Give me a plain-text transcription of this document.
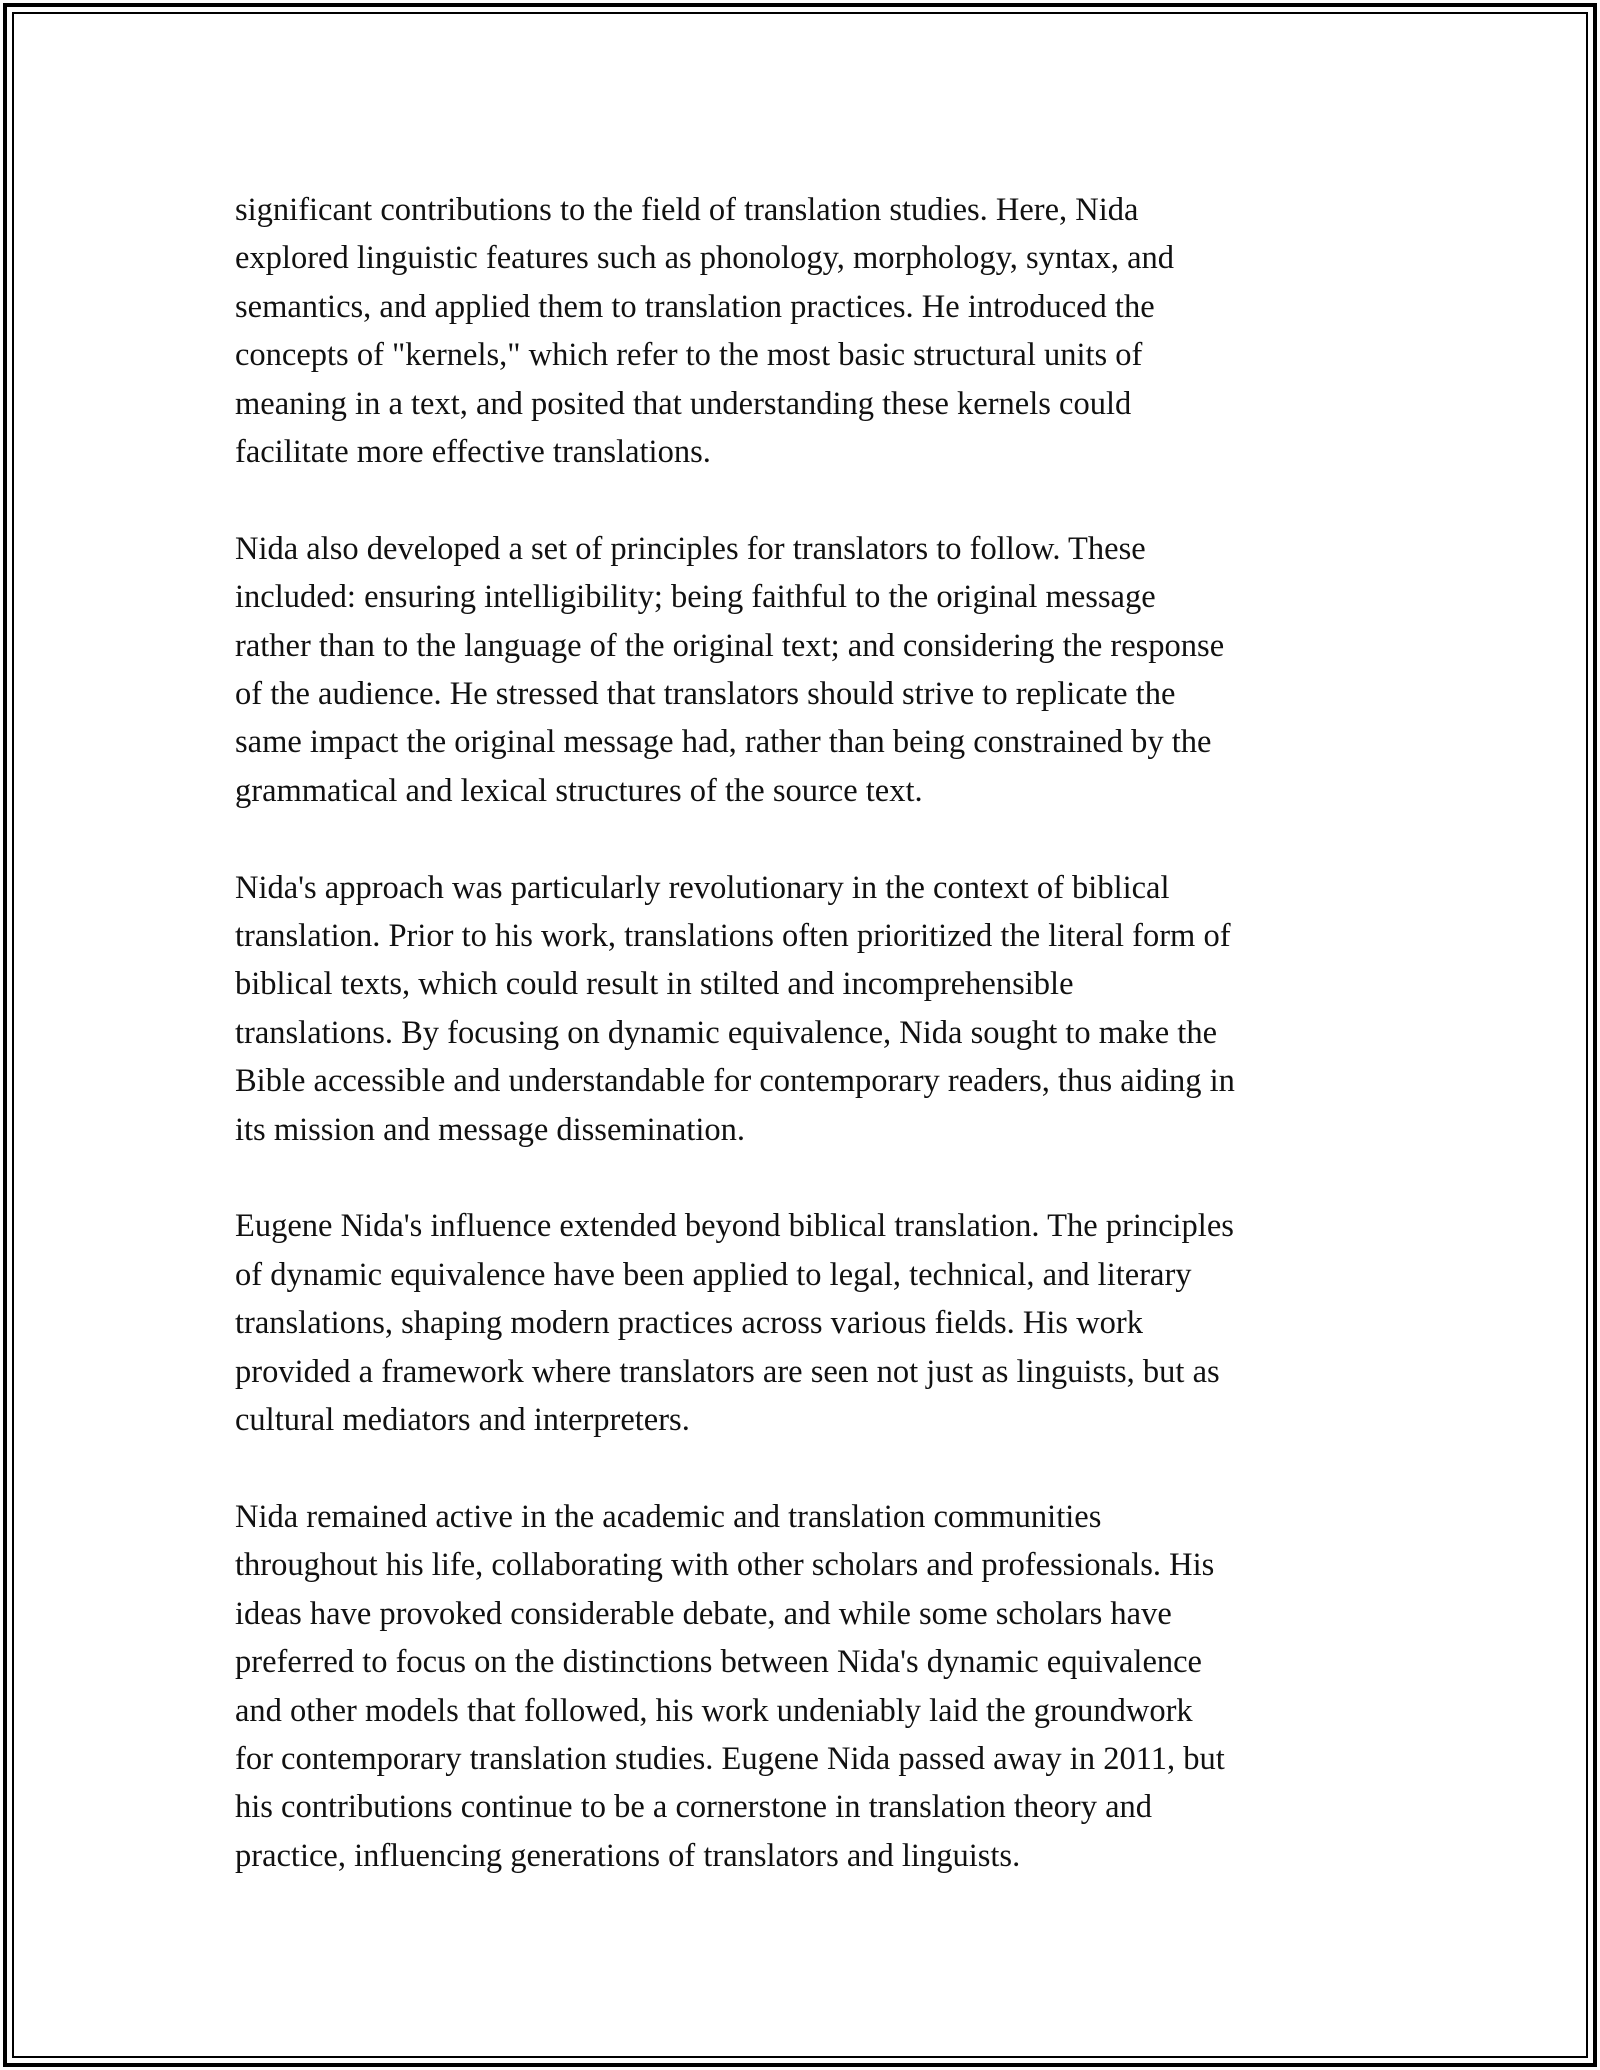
significant contributions to the field of translation studies. Here, Nida
explored linguistic features such as phonology, morphology, syntax, and
semantics, and applied them to translation practices. He introduced the
concepts of "kernels," which refer to the most basic structural units of
meaning in a text, and posited that understanding these kernels could
facilitate more effective translations.

Nida also developed a set of principles for translators to follow. These
included: ensuring intelligibility; being faithful to the original message
rather than to the language of the original text; and considering the response
of the audience. He stressed that translators should strive to replicate the
same impact the original message had, rather than being constrained by the
grammatical and lexical structures of the source text.

Nida's approach was particularly revolutionary in the context of biblical
translation. Prior to his work, translations often prioritized the literal form of
biblical texts, which could result in stilted and incomprehensible
translations. By focusing on dynamic equivalence, Nida sought to make the
Bible accessible and understandable for contemporary readers, thus aiding in
its mission and message dissemination.

Eugene Nida's influence extended beyond biblical translation. The principles
of dynamic equivalence have been applied to legal, technical, and literary
translations, shaping modern practices across various fields. His work
provided a framework where translators are seen not just as linguists, but as
cultural mediators and interpreters.

Nida remained active in the academic and translation communities
throughout his life, collaborating with other scholars and professionals. His
ideas have provoked considerable debate, and while some scholars have
preferred to focus on the distinctions between Nida's dynamic equivalence
and other models that followed, his work undeniably laid the groundwork
for contemporary translation studies. Eugene Nida passed away in 2011, but
his contributions continue to be a cornerstone in translation theory and
practice, influencing generations of translators and linguists.
